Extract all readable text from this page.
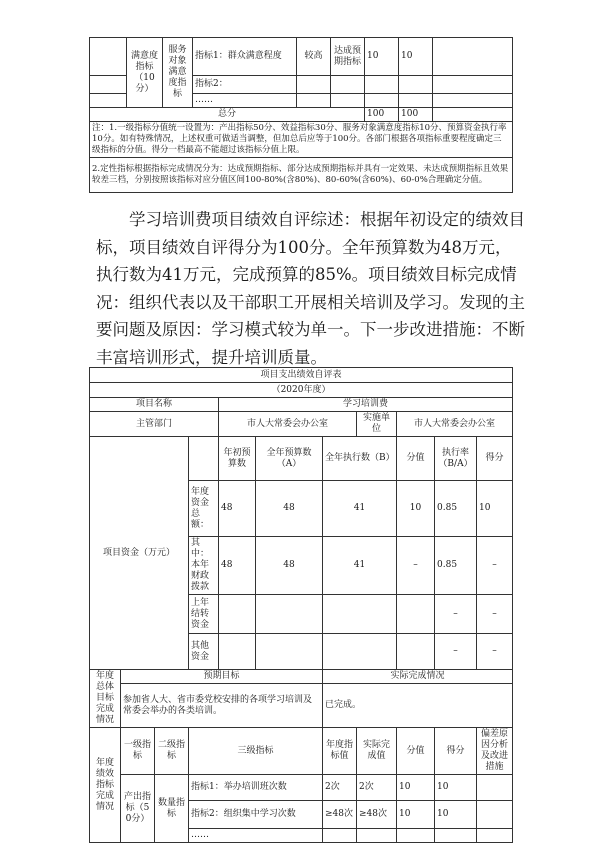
	满意度指标（10分）	服务对象满意度指标	指标1：群众满意程度	较高	达成预期指标	10	10	
			指标2：					
			……					
总分						100	100	
注：1.一级指标分值统一设置为：产出指标50分、效益指标30分、服务对象满意度指标10分、预算资金执行率10分。如有特殊情况，上述权重可做适当调整，但加总后应等于100分。各部门根据各项指标重要程度确定三级指标的分值。得分一档最高不能超过该指标分值上限。								
2.定性指标根据指标完成情况分为：达成预期指标、部分达成预期指标并具有一定效果、未达成预期指标且效果较差三档，分别按照该指标对应分值区间100-80%(含80%)、80-60%(含60%)、60-0%合理确定分值。								

学习培训费项目绩效自评综述：根据年初设定的绩效目标，项目绩效自评得分为100分。全年预算数为48万元，执行数为41万元，完成预算的85%。项目绩效目标完成情况：组织代表以及干部职工开展相关培训及学习。发现的主要问题及原因：学习模式较为单一。下一步改进措施：不断丰富培训形式，提升培训质量。

项目支出绩效自评表										
（2020年度）										
项目名称				学习培训费						
主管部门				市人大常委会办公室			实施单位	市人大常委会办公室		
项目资金（万元）				年初预算数	全年预算数（A）	全年执行数（B）		分值	执行率（B/A）	得分
			年度资金总额：	48	48	41		10	0.85	10
			其中：本年财政拨款	48	48	41		–	0.85	–
			上年结转资金						–	–
			其他资金						–	–
年度总体目标完成情况	预期目标					实际完成情况				
	参加省人大、省市委党校安排的各项学习培训及常委会举办的各类培训。					已完成。				
年度绩效指标完成情况	一级指标	二级指标	三级指标			年度指标值	实际完成值	分值	得分	偏差原因分析及改进措施
	产出指标（50分）	数量指标	指标1：举办培训班次数			2次	2次	10	10	
			指标2：组织集中学习次数			≥48次	≥48次	10	10	
			……							
